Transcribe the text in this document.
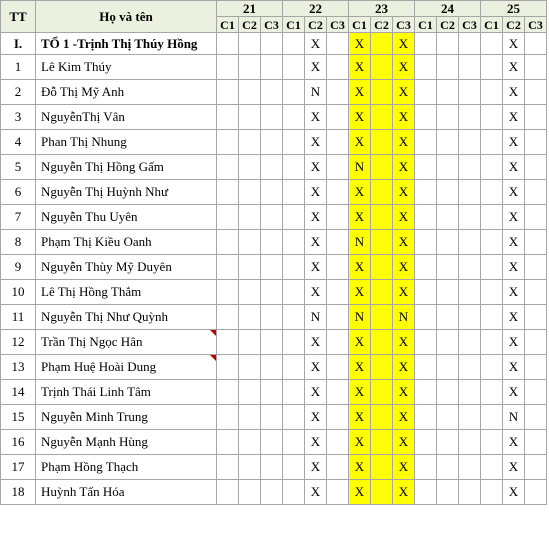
TT	Họ và tên	21			22			23			24			25		
		C1	C2	C3	C1	C2	C3	C1	C2	C3	C1	C2	C3	C1	C2	C3
I.	TỔ 1 -Trịnh Thị Thúy Hồng					X		X		X					X	
1	Lê Kim Thúy					X		X		X					X	
2	Đỗ Thị Mỹ Anh					N		X		X					X	
3	NguyễnThị Vân					X		X		X					X	
4	Phan Thị Nhung					X		X		X					X	
5	Nguyễn Thị Hồng Gấm					X		N		X					X	
6	Nguyễn Thị Huỳnh Như					X		X		X					X	
7	Nguyễn Thu Uyên					X		X		X					X	
8	Phạm Thị Kiều Oanh					X		N		X					X	
9	Nguyễn Thùy Mỹ Duyên					X		X		X					X	
10	Lê Thị Hồng Thắm					X		X		X					X	
11	Nguyễn Thị Như Quỳnh					N		N		N					X	
12	Trần Thị Ngọc Hân					X		X		X					X	
13	Phạm Huệ Hoài Dung					X		X		X					X	
14	Trịnh Thái Linh Tâm					X		X		X					X	
15	Nguyễn Minh Trung					X		X		X					N	
16	Nguyễn Mạnh Hùng					X		X		X					X	
17	Phạm Hồng Thạch					X		X		X					X	
18	Huỳnh Tấn Hóa					X		X		X					X	
